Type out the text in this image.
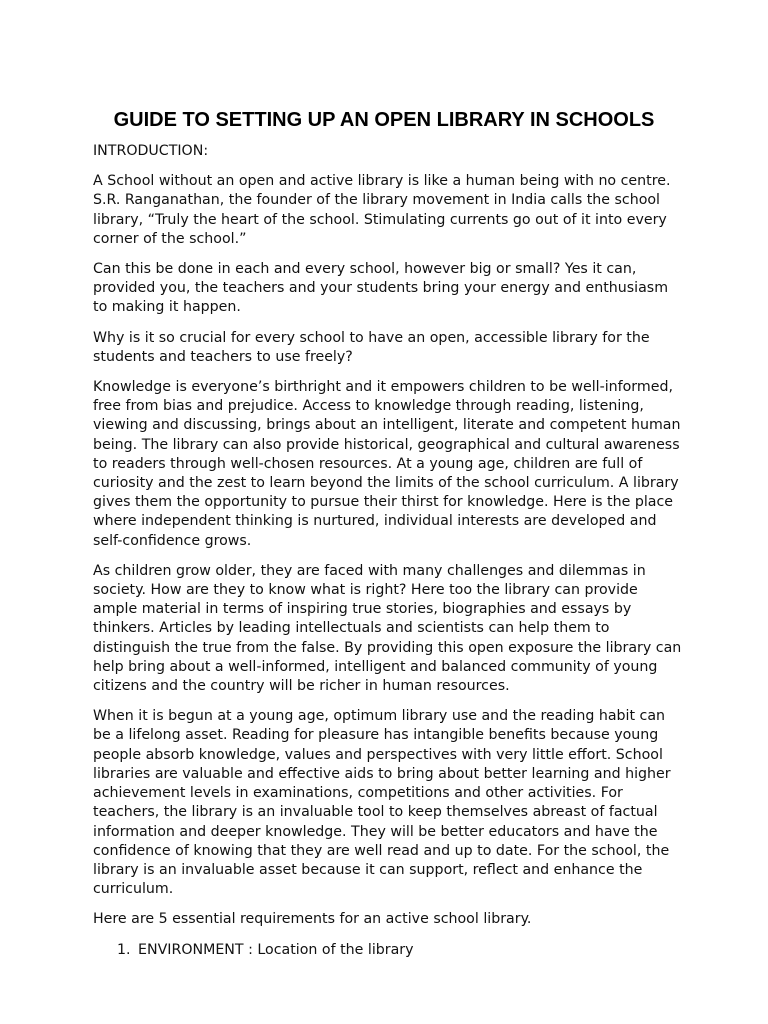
GUIDE TO SETTING UP AN OPEN LIBRARY IN SCHOOLS

INTRODUCTION:

A School without an open and active library is like a human being with no centre. S.R. Ranganathan, the founder of the library movement in India calls the school library, “Truly the heart of the school. Stimulating currents go out of it into every corner of the school.”

Can this be done in each and every school, however big or small? Yes it can, provided you, the teachers and your students bring your energy and enthusiasm to making it happen.

Why is it so crucial for every school to have an open, accessible library for the students and teachers to use freely?

Knowledge is everyone’s birthright and it empowers children to be well-informed, free from bias and prejudice. Access to knowledge through reading, listening, viewing and discussing, brings about an intelligent, literate and competent human being. The library can also provide historical, geographical and cultural awareness to readers through well-chosen resources. At a young age, children are full of curiosity and the zest to learn beyond the limits of the school curriculum. A library gives them the opportunity to pursue their thirst for knowledge. Here is the place where independent thinking is nurtured, individual interests are developed and self-confidence grows.

As children grow older, they are faced with many challenges and dilemmas in society. How are they to know what is right? Here too the library can provide ample material in terms of inspiring true stories, biographies and essays by thinkers. Articles by leading intellectuals and scientists can help them to distinguish the true from the false. By providing this open exposure the library can help bring about a well-informed, intelligent and balanced community of young citizens and the country will be richer in human resources.

When it is begun at a young age, optimum library use and the reading habit can be a lifelong asset. Reading for pleasure has intangible benefits because young people absorb knowledge, values and perspectives with very little effort. School libraries are valuable and effective aids to bring about better learning and higher achievement levels in examinations, competitions and other activities. For teachers, the library is an invaluable tool to keep themselves abreast of factual information and deeper knowledge. They will be better educators and have the confidence of knowing that they are well read and up to date. For the school, the library is an invaluable asset because it can support, reflect and enhance the curriculum.

Here are 5 essential requirements for an active school library.

1. ENVIRONMENT : Location of the library
